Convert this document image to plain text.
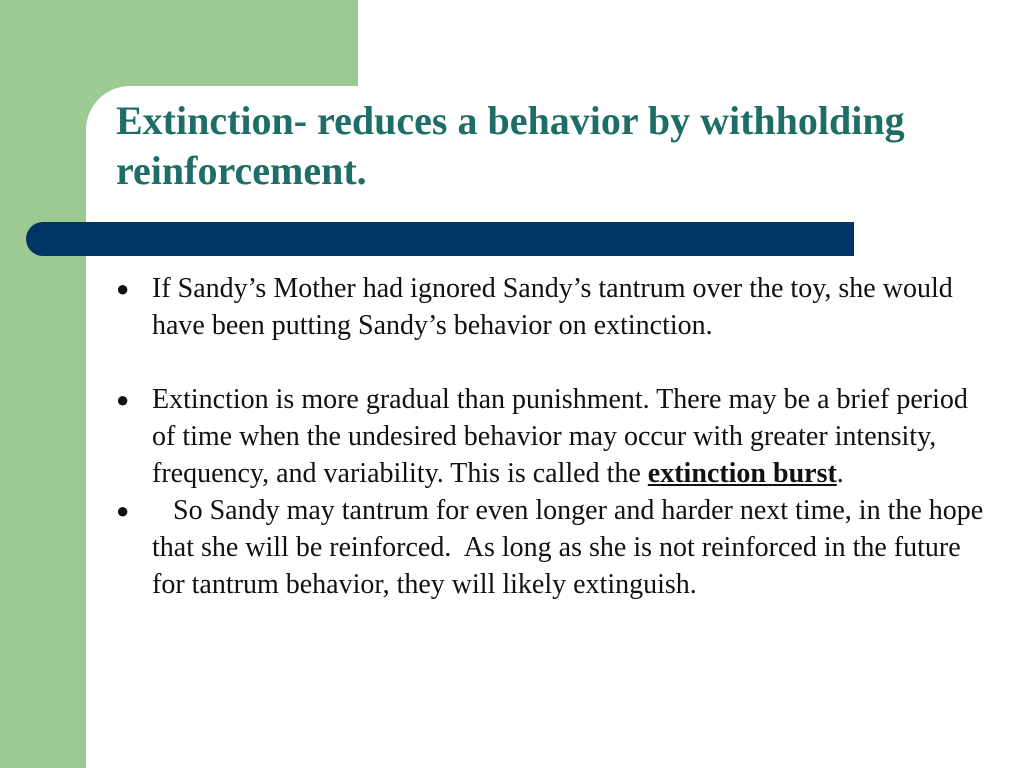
Extinction- reduces a behavior by withholding reinforcement.
● If Sandy’s Mother had ignored Sandy’s tantrum over the toy, she would have been putting Sandy’s behavior on extinction.
● Extinction is more gradual than punishment. There may be a brief period of time when the undesired behavior may occur with greater intensity, frequency, and variability. This is called the extinction burst.
● So Sandy may tantrum for even longer and harder next time, in the hope that she will be reinforced.  As long as she is not reinforced in the future for tantrum behavior, they will likely extinguish.
